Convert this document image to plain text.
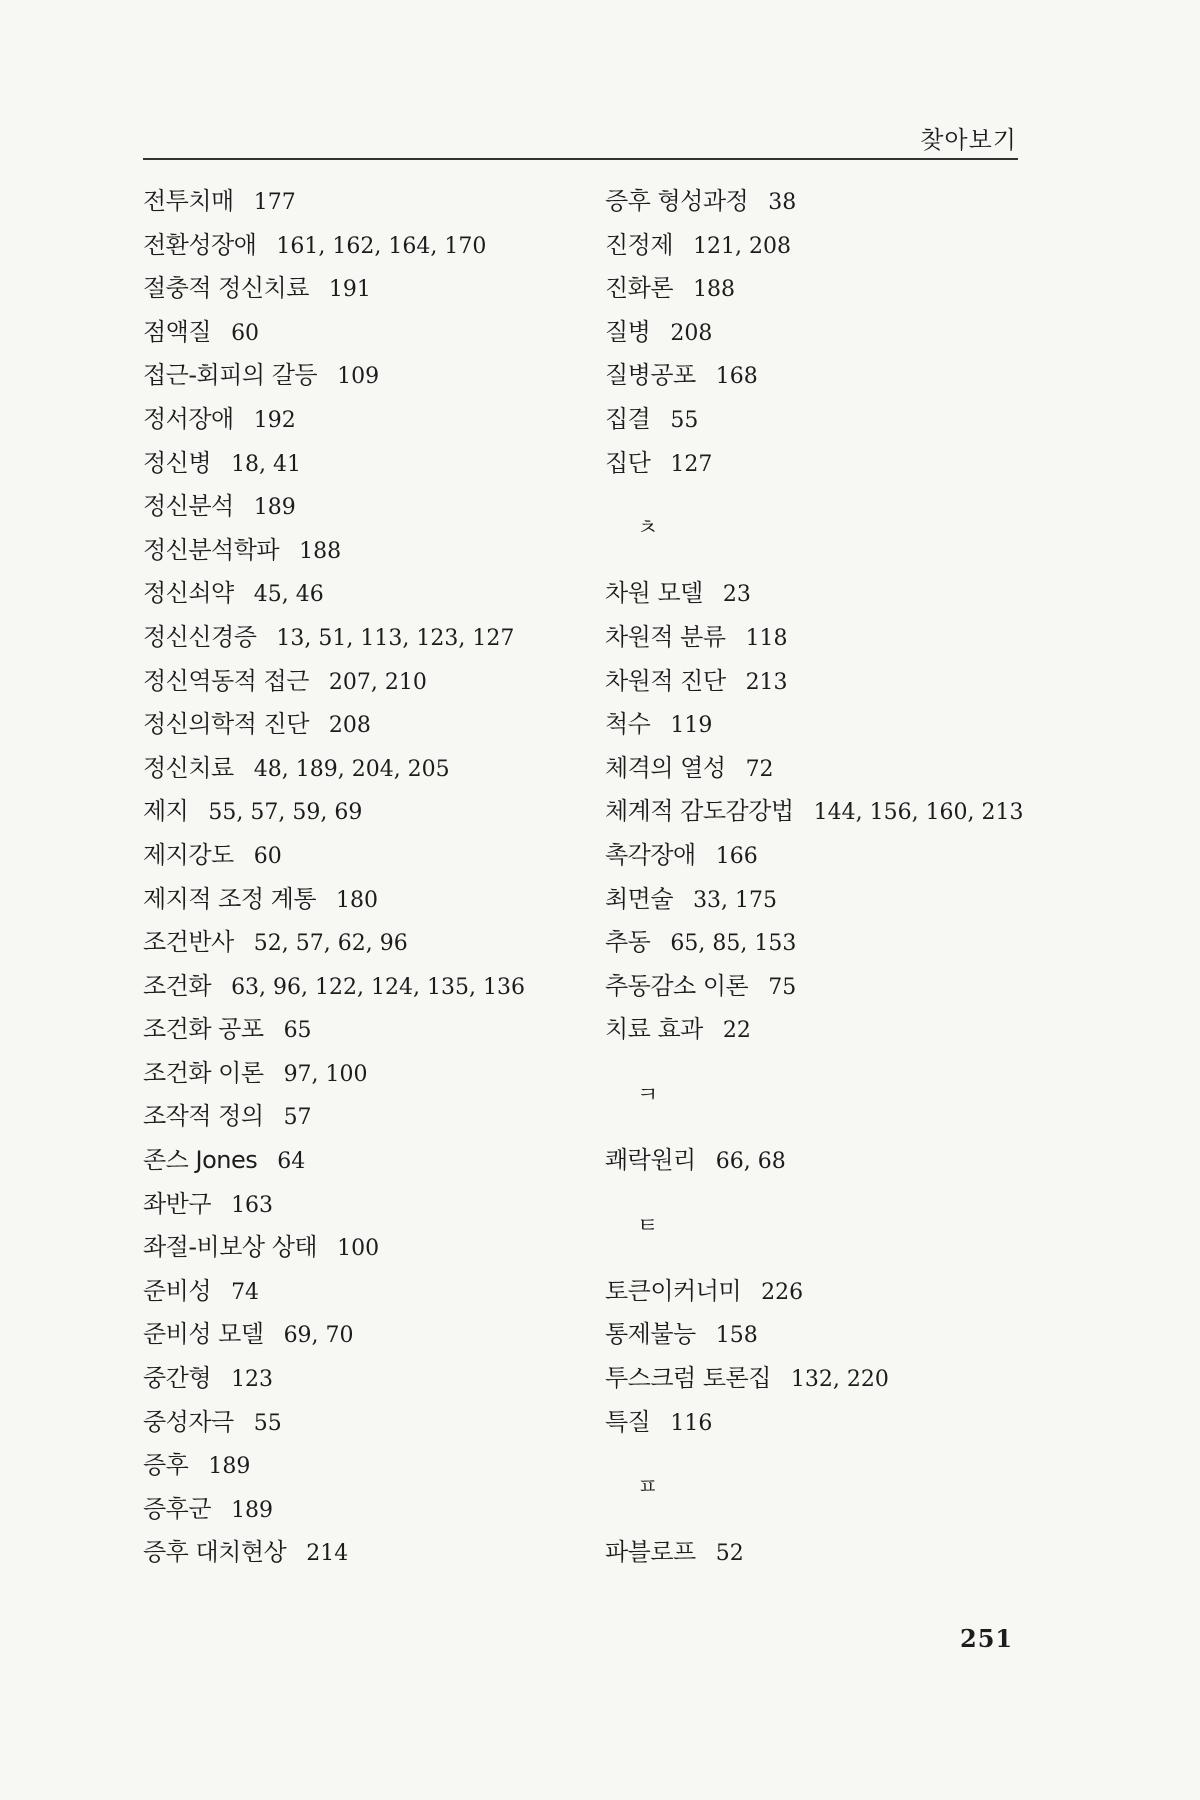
찾아보기
전투치매 177
전환성장애 161, 162, 164, 170
절충적 정신치료 191
점액질 60
접근-회피의 갈등 109
정서장애 192
정신병 18, 41
정신분석 189
정신분석학파 188
정신쇠약 45, 46
정신신경증 13, 51, 113, 123, 127
정신역동적 접근 207, 210
정신의학적 진단 208
정신치료 48, 189, 204, 205
제지 55, 57, 59, 69
제지강도 60
제지적 조정 계통 180
조건반사 52, 57, 62, 96
조건화 63, 96, 122, 124, 135, 136
조건화 공포 65
조건화 이론 97, 100
조작적 정의 57
존스 Jones 64
좌반구 163
좌절-비보상 상태 100
준비성 74
준비성 모델 69, 70
중간형 123
중성자극 55
증후 189
증후군 189
증후 대치현상 214
증후 형성과정 38
진정제 121, 208
진화론 188
질병 208
질병공포 168
집결 55
집단 127
ㅊ
차원 모델 23
차원적 분류 118
차원적 진단 213
척수 119
체격의 열성 72
체계적 감도감강법 144, 156, 160, 213
촉각장애 166
최면술 33, 175
추동 65, 85, 153
추동감소 이론 75
치료 효과 22
ㅋ
쾌락원리 66, 68
ㅌ
토큰이커너미 226
통제불능 158
투스크럼 토론집 132, 220
특질 116
ㅍ
파블로프 52
251
